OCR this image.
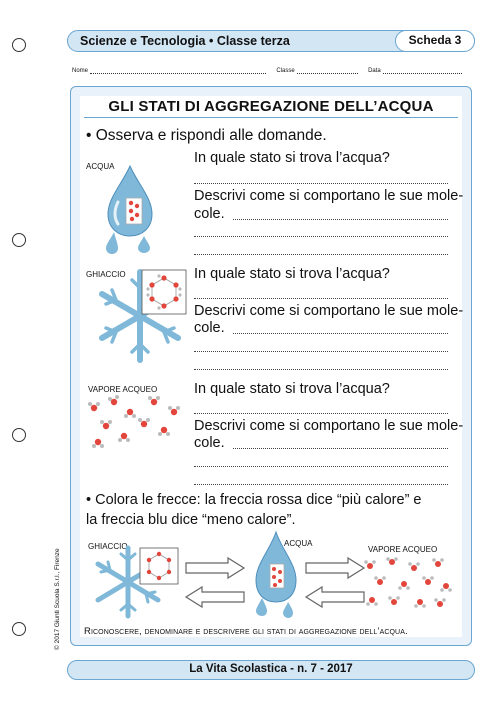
Scienze e Tecnologia • Classe terza	Scheda 3
Nome	Classe	Data
GLI STATI DI AGGREGAZIONE DELL’ACQUA
• Osserva e rispondi alle domande.
ACQUA
In quale stato si trova l’acqua?
Descrivi come si comportano le sue mole-
cole.
GHIACCIO	In quale stato si trova l’acqua?
Descrivi come si comportano le sue mole-
cole.
VAPORE ACQUEO	In quale stato si trova l’acqua?
Descrivi come si comportano le sue mole-
cole.
• Colora le frecce: la freccia rossa dice “più calore” e
la freccia blu dice “meno calore”.
GHIACCIO	ACQUA
VAPORE ACQUEO
Riconoscere, denominare e descrivere gli stati di aggregazione dell’acqua.
© 2017 Giunti Scuola S.r.l., Firenze
La Vita Scolastica - n. 7 - 2017
